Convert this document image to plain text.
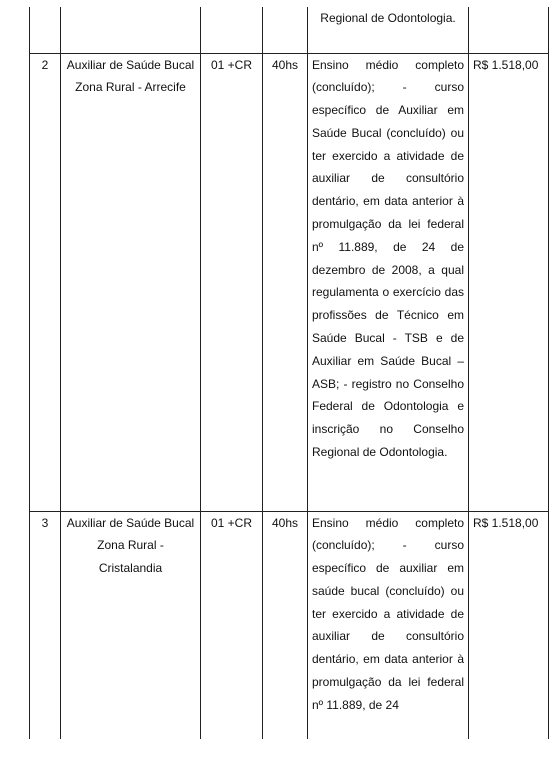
				Regional de Odontologia.	
2	Auxiliar de Saúde Bucal Zona Rural - Arrecife	01 +CR	40hs	Ensino médio completo (concluído); - curso específico de Auxiliar em Saúde Bucal (concluído) ou ter exercido a atividade de auxiliar de consultório dentário, em data anterior à promulgação da lei federal nº 11.889, de 24 de dezembro de 2008, a qual regulamenta o exercício das profissões de Técnico em Saúde Bucal - TSB e de Auxiliar em Saúde Bucal – ASB; - registro no Conselho Federal de Odontologia e inscrição no Conselho Regional de Odontologia.	R$ 1.518,00
3	Auxiliar de Saúde Bucal Zona Rural - Cristalandia	01 +CR	40hs	Ensino médio completo (concluído); - curso específico de auxiliar em saúde bucal (concluído) ou ter exercido a atividade de auxiliar de consultório dentário, em data anterior à promulgação da lei federal nº 11.889, de 24	R$ 1.518,00
